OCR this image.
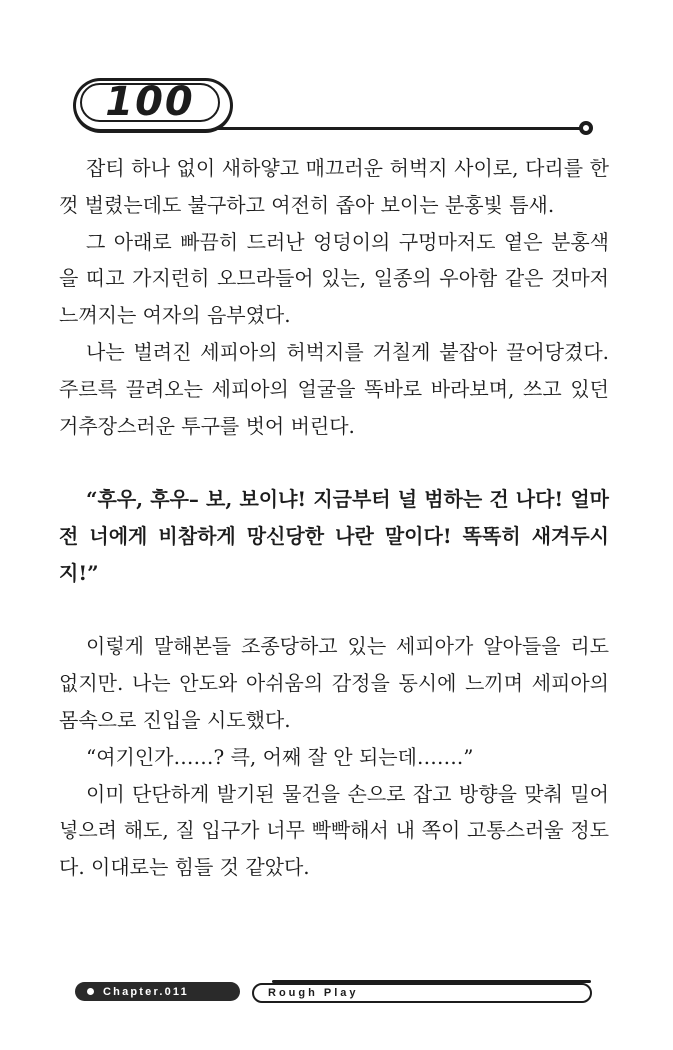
100

잡티 하나 없이 새하얗고 매끄러운 허벅지 사이로, 다리를 한껏 벌렸는데도 불구하고 여전히 좁아 보이는 분홍빛 틈새.

그 아래로 빠끔히 드러난 엉덩이의 구멍마저도 옅은 분홍색을 띠고 가지런히 오므라들어 있는, 일종의 우아함 같은 것마저 느껴지는 여자의 음부였다.

나는 벌려진 세피아의 허벅지를 거칠게 붙잡아 끌어당겼다. 주르륵 끌려오는 세피아의 얼굴을 똑바로 바라보며, 쓰고 있던 거추장스러운 투구를 벗어 버린다.

“후우, 후우– 보, 보이냐! 지금부터 널 범하는 건 나다! 얼마 전 너에게 비참하게 망신당한 나란 말이다! 똑똑히 새겨두시지!”

이렇게 말해본들 조종당하고 있는 세피아가 알아들을 리도 없지만. 나는 안도와 아쉬움의 감정을 동시에 느끼며 세피아의 몸속으로 진입을 시도했다.

“여기인가……? 큭, 어째 잘 안 되는데…….”

이미 단단하게 발기된 물건을 손으로 잡고 방향을 맞춰 밀어 넣으려 해도, 질 입구가 너무 빡빡해서 내 쪽이 고통스러울 정도다. 이대로는 힘들 것 같았다.

Chapter.011	Rough Play
